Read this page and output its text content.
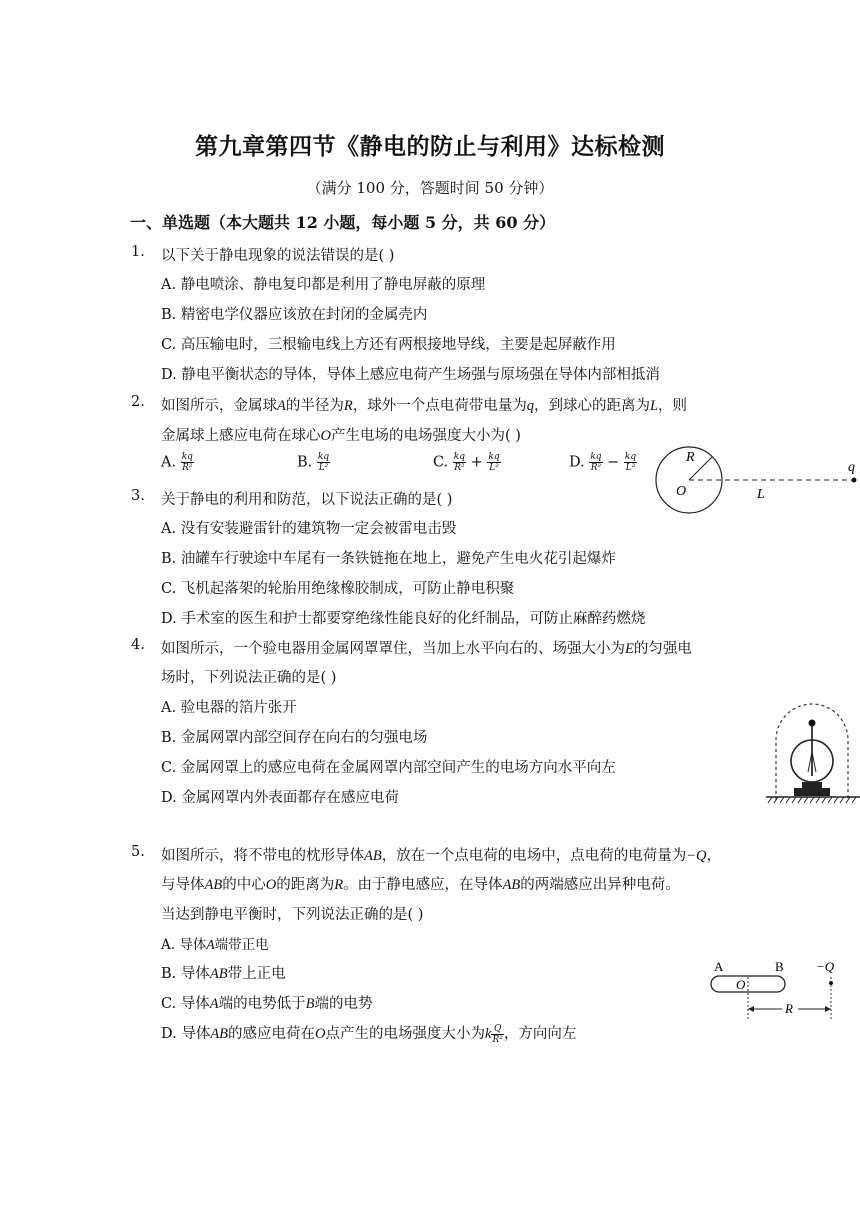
第九章第四节《静电的防止与利用》达标检测
（满分 100 分，答题时间 50 分钟）
一、单选题（本大题共 12 小题，每小题 5 分，共 60 分）
1. 以下关于静电现象的说法错误的是( )
A. 静电喷涂、静电复印都是利用了静电屏蔽的原理
B. 精密电学仪器应该放在封闭的金属壳内
C. 高压输电时，三根输电线上方还有两根接地导线，主要是起屏蔽作用
D. 静电平衡状态的导体，导体上感应电荷产生场强与原场强在导体内部相抵消
2. 如图所示，金属球A的半径为R，球外一个点电荷带电量为q，到球心的距离为L，则
金属球上感应电荷在球心O产生电场的电场强度大小为( )
A. $\frac{kq}{\text{R²}}$	B. $\frac{kq}{\text{L²}}$	C. $\frac{kq}{\text{R²}} + \frac{kq}{\text{L²}}$	D. $\frac{kq}{\text{R²}} - \frac{kq}{\text{L²}}$	R
O	L
q
3. 关于静电的利用和防范，以下说法正确的是( )
A. 没有安装避雷针的建筑物一定会被雷电击毁
B. 油罐车行驶途中车尾有一条铁链拖在地上，避免产生电火花引起爆炸
C. 飞机起落架的轮胎用绝缘橡胶制成，可防止静电积聚
D. 手术室的医生和护士都要穿绝缘性能良好的化纤制品，可防止麻醉药燃烧
4. 如图所示，一个验电器用金属网罩罩住，当加上水平向右的、场强大小为E的匀强电
场时，下列说法正确的是( )
A. 验电器的箔片张开
B. 金属网罩内部空间存在向右的匀强电场
C. 金属网罩上的感应电荷在金属网罩内部空间产生的电场方向水平向左
D. 金属网罩内外表面都存在感应电荷
5. 如图所示，将不带电的枕形导体AB，放在一个点电荷的电场中，点电荷的电荷量为−Q，
与导体AB的中心O的距离为R。由于静电感应，在导体AB的两端感应出异种电荷。
当达到静电平衡时，下列说法正确的是( )
A. 导体A端带正电
B. 导体AB带上正电
C. 导体A端的电势低于B端的电势
D. 导体AB的感应电荷在O点产生的电场强度大小为k $\frac{Q}{\text{R²}}$ ，方向向左
A	B −Q
O
R
